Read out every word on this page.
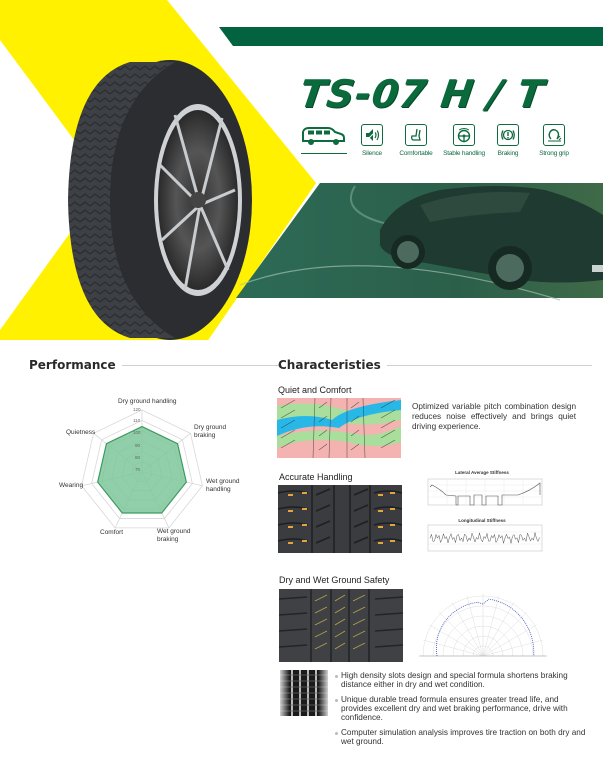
TS-07 H / T
Silence	Comfortable	Stable handling	Braking	Strong grip
Performance
Dry ground handling
Dry ground braking
Wet ground handling
Wet ground braking
Comfort
Wearing
Quietness
120
110
100
90
80
70
Characteristies
Quiet and Comfort
Optimized variable pitch combination design reduces noise effectively and brings quiet driving experience.
Accurate Handling	Lateral Average Stiffness
Longitudinal Stiffness
Dry and Wet Ground Safety
High density slots design and special formula shortens braking distance either in dry and wet condition.
Unique durable tread formula ensures greater tread life, and provides excellent dry and wet braking performance, drive with confidence.
Computer simulation analysis improves tire traction on both dry and wet ground.
